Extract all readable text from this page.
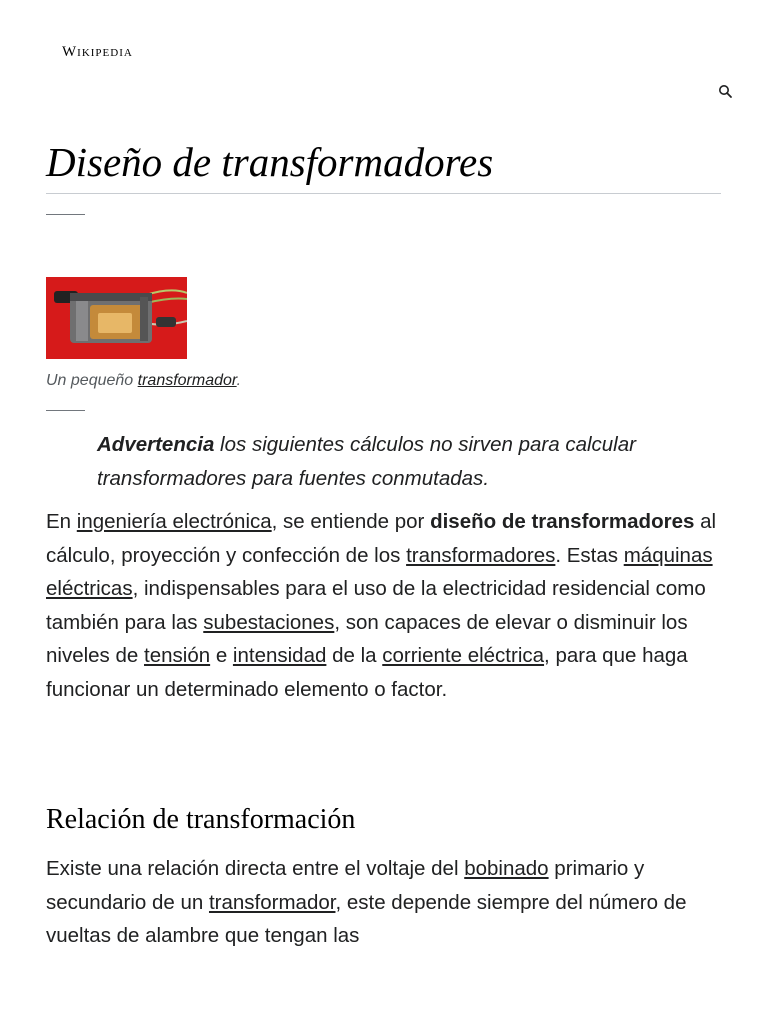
Wikipedia
Diseño de transformadores
Un pequeño transformador.
Advertencia los siguientes cálculos no sirven para calcular transformadores para fuentes conmutadas.

En ingeniería electrónica, se entiende por diseño de transformadores al cálculo, proyección y confección de los transformadores. Estas máquinas eléctricas, indispensables para el uso de la electricidad residencial como también para las subestaciones, son capaces de elevar o disminuir los niveles de tensión e intensidad de la corriente eléctrica, para que haga funcionar un determinado elemento o factor.

Relación de transformación

Existe una relación directa entre el voltaje del bobinado primario y secundario de un transformador, este depende siempre del número de vueltas de alambre que tengan las
